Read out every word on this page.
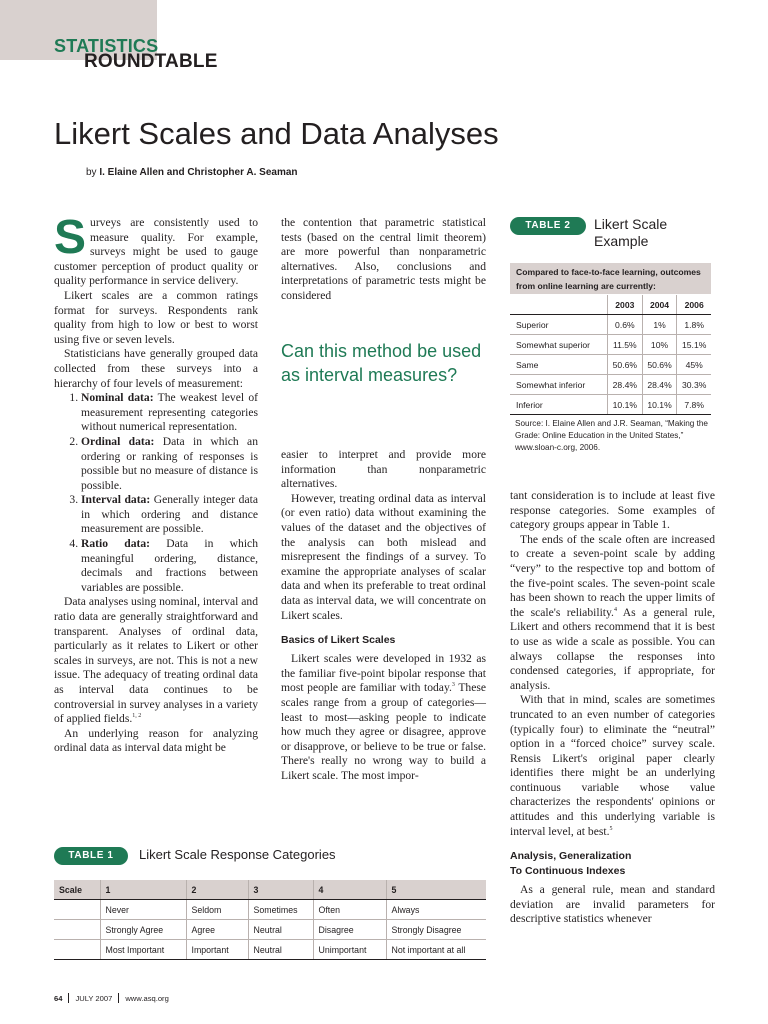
STATISTICS
ROUNDTABLE
Likert Scales and Data Analyses
by I. Elaine Allen and Christopher A. Seaman

Surveys are consistently used to measure quality. For example, surveys might be used to gauge customer perception of product quality or quality performance in service delivery.

Likert scales are a common ratings format for surveys. Respondents rank quality from high to low or best to worst using five or seven levels.

Statisticians have generally grouped data collected from these surveys into a hierarchy of four levels of measurement:

1. Nominal data: The weakest level of measurement representing categories without numerical representation.
2. Ordinal data: Data in which an ordering or ranking of responses is possible but no measure of distance is possible.
3. Interval data: Generally integer data in which ordering and distance measurement are possible.
4. Ratio data: Data in which meaningful ordering, distance, decimals and fractions between variables are possible.

Data analyses using nominal, interval and ratio data are generally straightforward and transparent. Analyses of ordinal data, particularly as it relates to Likert or other scales in surveys, are not. This is not a new issue. The adequacy of treating ordinal data as interval data continues to be controversial in survey analyses in a variety of applied fields.$^{1, 2}$

An underlying reason for analyzing ordinal data as interval data might be

the contention that parametric statistical tests (based on the central limit theorem) are more powerful than nonparametric alternatives. Also, conclusions and interpretations of parametric tests might be considered

Can this method be used as interval measures?

easier to interpret and provide more information than nonparametric alternatives.

However, treating ordinal data as interval (or even ratio) data without examining the values of the dataset and the objectives of the analysis can both mislead and misrepresent the findings of a survey. To examine the appropriate analyses of scalar data and when its preferable to treat ordinal data as interval data, we will concentrate on Likert scales.

Basics of Likert Scales

Likert scales were developed in 1932 as the familiar five-point bipolar response that most people are familiar with today.$^3$ These scales range from a group of categories—least to most—asking people to indicate how much they agree or disagree, approve or disapprove, or believe to be true or false. There's really no wrong way to build a Likert scale. The most impor-

TABLE 2	Likert Scale Example
Compared to face-to-face learning, outcomes from online learning are currently:
	2003	2004	2006
Superior	0.6%	1%	1.8%
Somewhat superior	11.5%	10%	15.1%
Same	50.6%	50.6%	45%
Somewhat inferior	28.4%	28.4%	30.3%
Inferior	10.1%	10.1%	7.8%
Source: I. Elaine Allen and J.R. Seaman, “Making the Grade: Online Education in the United States,” www.sloan-c.org, 2006.

tant consideration is to include at least five response categories. Some examples of category groups appear in Table 1.

The ends of the scale often are increased to create a seven-point scale by adding “very” to the respective top and bottom of the five-point scales. The seven-point scale has been shown to reach the upper limits of the scale's reliability.$^4$ As a general rule, Likert and others recommend that it is best to use as wide a scale as possible. You can always collapse the responses into condensed categories, if appropriate, for analysis.

With that in mind, scales are sometimes truncated to an even number of categories (typically four) to eliminate the “neutral” option in a “forced choice” survey scale. Rensis Likert's original paper clearly identifies there might be an underlying continuous variable whose value characterizes the respondents' opinions or attitudes and this underlying variable is interval level, at best.$^5$

Analysis, Generalization
To Continuous Indexes

As a general rule, mean and standard deviation are invalid parameters for descriptive statistics whenever

TABLE 1	Likert Scale Response Categories
Scale	1	2	3	4	5
	Never	Seldom	Sometimes	Often	Always
	Strongly Agree	Agree	Neutral	Disagree	Strongly Disagree
	Most Important	Important	Neutral	Unimportant	Not important at all
64 JULY 2007 www.asq.org
